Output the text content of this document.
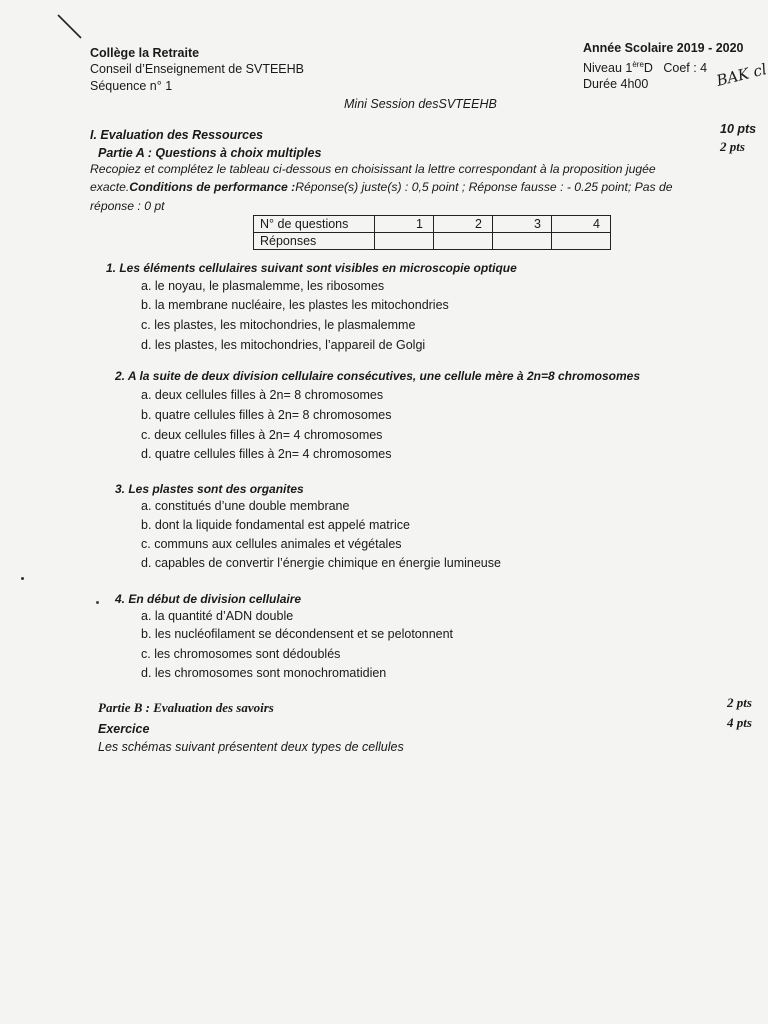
Collège la Retraite
Conseil d’Enseignement de SVTEEHB
Séquence n° 1
Année Scolaire 2019 - 2020
Niveau 1èreD Coef : 4
Durée 4h00	BAK cl
Mini Session desSVTEEHB
I. Evaluation des Ressources	10 pts
Partie A : Questions à choix multiples	2 pts
Recopiez et complétez le tableau ci-dessous en choisissant la lettre correspondant à la proposition jugée
exacte.Conditions de performance :Réponse(s) juste(s) : 0,5 point ; Réponse fausse : - 0.25 point; Pas de
réponse : 0 pt
N° de questions	1	2	3	4
Réponses				
1. Les éléments cellulaires suivant sont visibles en microscopie optique
a. le noyau, le plasmalemme, les ribosomes
b. la membrane nucléaire, les plastes les mitochondries
c. les plastes, les mitochondries, le plasmalemme
d. les plastes, les mitochondries, l’appareil de Golgi
2. A la suite de deux division cellulaire consécutives, une cellule mère à 2n=8 chromosomes
a. deux cellules filles à 2n= 8 chromosomes
b. quatre cellules filles à 2n= 8 chromosomes
c. deux cellules filles à 2n= 4 chromosomes
d. quatre cellules filles à 2n= 4 chromosomes
3. Les plastes sont des organites
a. constitués d’une double membrane
b. dont la liquide fondamental est appelé matrice
c. communs aux cellules animales et végétales
d. capables de convertir l’énergie chimique en énergie lumineuse
4. En début de division cellulaire
a. la quantité d’ADN double
b. les nucléofilament se décondensent et se pelotonnent
c. les chromosomes sont dédoublés
d. les chromosomes sont monochromatidien
Partie B : Evaluation des savoirs	2 pts
Exercice	4 pts
Les schémas suivant présentent deux types de cellules
